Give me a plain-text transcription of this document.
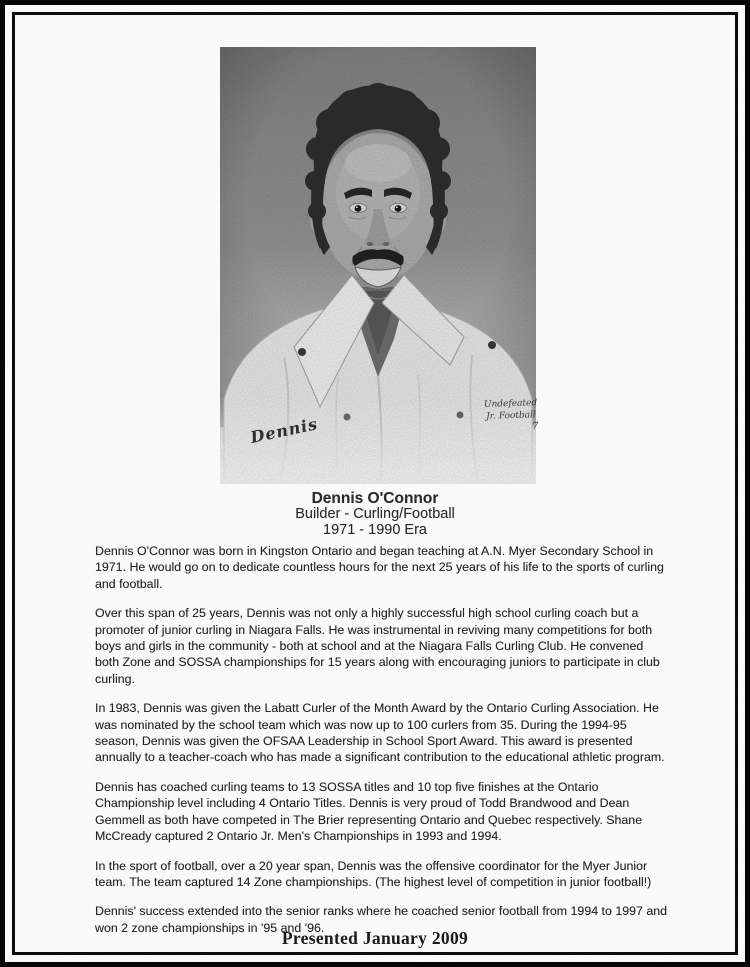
Dennis
Undefeated
Jr. Football
7
Dennis O'Connor
Builder - Curling/Football
1971 - 1990 Era

Dennis O'Connor was born in Kingston Ontario and began teaching at A.N. Myer Secondary School in 1971. He would go on to dedicate countless hours for the next 25 years of his life to the sports of curling and football.

Over this span of 25 years, Dennis was not only a highly successful high school curling coach but a promoter of junior curling in Niagara Falls. He was instrumental in reviving many competitions for both boys and girls in the community - both at school and at the Niagara Falls Curling Club. He convened both Zone and SOSSA championships for 15 years along with encouraging juniors to participate in club curling.

In 1983, Dennis was given the Labatt Curler of the Month Award by the Ontario Curling Association. He was nominated by the school team which was now up to 100 curlers from 35. During the 1994-95 season, Dennis was given the OFSAA Leadership in School Sport Award. This award is presented annually to a teacher-coach who has made a significant contribution to the educational athletic program.

Dennis has coached curling teams to 13 SOSSA titles and 10 top five finishes at the Ontario Championship level including 4 Ontario Titles. Dennis is very proud of Todd Brandwood and Dean Gemmell as both have competed in The Brier representing Ontario and Quebec respectively. Shane McCready captured 2 Ontario Jr. Men's Championships in 1993 and 1994.

In the sport of football, over a 20 year span, Dennis was the offensive coordinator for the Myer Junior team. The team captured 14 Zone championships. (The highest level of competition in junior football!)

Dennis' success extended into the senior ranks where he coached senior football from 1994 to 1997 and won 2 zone championships in '95 and '96.

Presented January 2009
